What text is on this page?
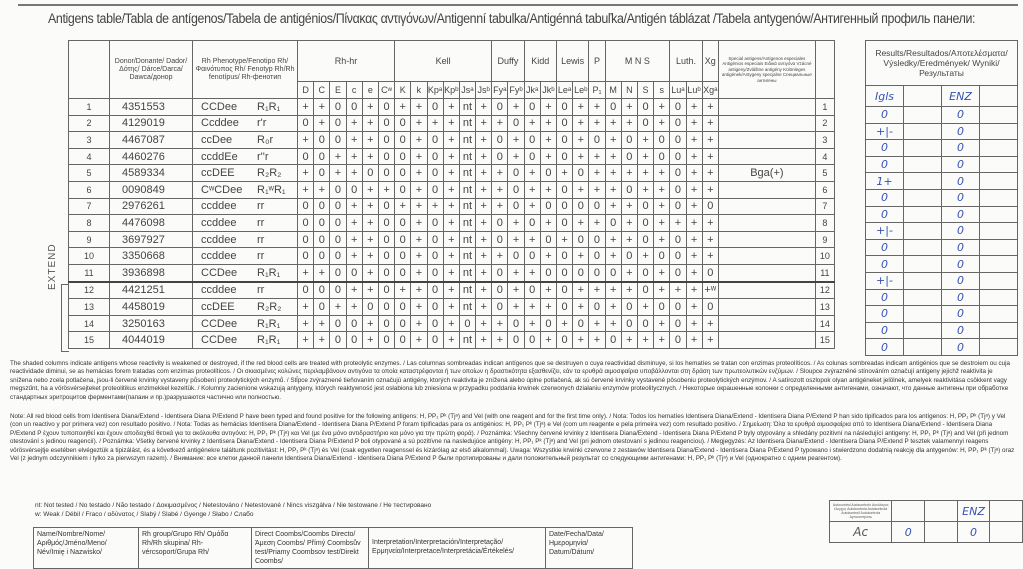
Antigens table/Tabla de antígenos/Tabela de antigénios/Πίνακας αντιγόνων/Antigenní tabulka/Antigénná tabuľka/Antigén táblázat /Tabela antygenów/Антигенный профиль панели:
EXTEND
	Donor/Donante/ Dador/Δότης/ Dárce/Darca/ Dawca/донор	Rh Phenotype/Fenotipo Rh/ Φαινότυπος Rh/ Fenotyp Rh/Rh fenotípus/ Rh-фенотип		Rh-hr						Kell						Duffy		Kidd		Lewis		P	M N S				Luth.		Xg	Special antigens/Antígenos especiales Antigénios especiais Ειδικά αντιγόνα Vzácné antigeny/Zvláštne antigény Különleges antigének/Antygeny specjalne Специальные антигены	
				D	C	E	c	e	Cʷ	K	k	Kpᵃ	Kpᵇ	Jsᵃ	Jsᵇ	Fyᵃ	Fyᵇ	Jkᵃ	Jkᵇ	Leᵃ	Leᵇ	P₁	M	N	S	s	Luᵃ	Luᵇ	Xgᵃ		
1	4351553	CCDee	R₁R₁	+	+	0	0	+	0	+	+	0	+	nt	+	0	+	0	+	0	+	+	0	+	0	+	0	+	+		1
2	4129019	Ccddee	r'r	0	+	0	+	+	0	0	+	+	+	nt	+	+	0	+	+	0	+	+	+	+	0	+	0	+	+		2
3	4467087	ccDee	R₀r	+	0	0	+	+	0	0	+	0	+	nt	+	0	+	0	+	0	+	0	+	0	+	0	0	+	+		3
4	4460276	ccddEe	r''r	0	0	+	+	+	0	0	+	0	+	nt	+	0	+	0	+	0	+	+	+	0	+	0	0	+	+		4
5	4589334	ccDEE	R₂R₂	+	0	+	+	0	0	0	+	0	+	nt	+	+	0	+	0	+	0	+	+	+	+	+	0	+	+	Bga(+)	5
6	0090849	CʷCDee	R₁ʷR₁	+	+	0	0	+	+	0	+	0	+	nt	+	+	0	+	+	0	+	+	+	0	+	+	0	+	+		6
7	2976261	ccddee	rr	0	0	0	+	+	0	+	+	+	+	nt	+	+	0	+	0	0	0	0	+	+	0	+	0	+	0		7
8	4476098	ccddee	rr	0	0	0	+	+	0	0	+	0	+	nt	+	0	+	0	+	0	+	+	0	+	0	+	+	+	+		8
9	3697927	ccddee	rr	0	0	0	+	+	0	0	+	0	+	nt	+	0	+	+	0	+	0	0	+	+	0	+	0	+	+		9
10	3350668	ccddee	rr	0	0	0	+	+	0	0	+	0	+	nt	+	+	0	0	+	0	+	0	+	0	+	0	0	+	+		10
11	3936898	CCDee	R₁R₁	+	+	0	0	+	0	0	+	0	+	nt	+	0	+	+	0	0	0	0	0	+	0	+	0	+	0		11
12	4421251	ccddee	rr	0	0	0	+	+	0	+	+	0	+	nt	+	0	+	0	+	0	+	+	+	+	0	+	+	+	+ʷ		12
13	4458019	ccDEE	R₂R₂	+	0	+	+	0	0	0	+	0	+	nt	+	0	+	+	+	0	+	0	+	0	+	0	0	+	0		13
14	3250163	CCDee	R₁R₁	+	+	0	0	+	0	0	+	0	+	0	+	+	0	+	0	+	0	+	+	0	0	+	0	+	+		14
15	4044019	CCDee	R₁R₁	+	+	0	0	+	0	0	+	0	+	nt	+	+	0	0	+	0	+	+	0	+	+	+	0	+	+		15
Results/Resultados/Αποτελέσματα/ Výsledky/Eredmények/ Wyniki/Результаты			
Igls		ENZ	
0		0	
+|-		0	
0		0	
0		0	
1+		0	
0		0	
0		0	
+|-		0	
0		0	
0		0	
+|-		0	
0		0	
0		0	
0		0	
0		0	
The shaded columns indicate antigens whose reactivity is weakened or destroyed, if the red blood cells are treated with proteolytic enzymes. / Las columnas sombreadas indican antígenos que se destruyen o cuya reactividad disminuye, si los hematíes se tratan con enzimas proteolíticos. / As colunas sombreadas indicam antigénios que se destroiem ou cuja reactividade diminui, se as hemácias forem tratadas com enzimas proteolíticos. / Οι σκιασμένες κολώνες περιλαμβάνουν αντιγόνα τα οποία καταστρέφονται ή των οποίων η δραστικότητα εξασθενίζει, εάν τα ερυθρά αιμοσφαίρια υποβάλλονται στη δράση των πρωτεολυτικών ενζύμων. / Sloupce zvýrazněné stínováním označují antigeny jejichž reaktivita je snížena nebo zcela potlačena, jsou-li červené krvinky vystaveny působení proteolytických enzymů. / Stĺpce zvýraznené tieňovaním označujú antigény, ktorých reaktivita je znížená alebo úplne potlačená, ak sú červené krvinky vystavené pôsobeniu proteolytických enzýmov. / A satírozott oszlopok olyan antigéneket jelölnek, amelyek reaktivitása csökkent vagy megszűnt, ha a vörösvérsejteket proteolitikus enzimekkel kezeltük. / Kolumny zacienione wskazują antygeny, których reaktywność jest osłabiona lub zniesiona w przypadku poddania krwinek czerwonych działaniu enzymów proteolitycznych. / Некоторые окрашенные колонки с определенными антигенами, означают, что данные антигены при обработке стандартных эритроцитов ферментами(папаин и пр.)разрушаются частично или полностью.
Note: All red blood cells from Identisera Diana/Extend - Identisera Diana P/Extend P have been typed and found positive for the following antigens: H, PP₁ Pᵏ (Tjᵃ) and Vel (with one reagent and for the first time only). / Nota: Todos los hematíes Identisera Diana/Extend - Identisera Diana P/Extend P han sido tipificados para los antígenos: H, PP₁ Pᵏ (Tjᵃ) y Vel (con un reactivo y por primera vez) con resultado positivo. / Nota: Todas as hemácias Identisera Diana/Extend - Identisera Diana P/Extend P foram tipificadas para os antigénios: H, PP₁ Pᵏ (Tjᵃ) e Vel (com um reagente e pela primeira vez) com resultado positivo. / Σημείωση: Όλα τα ερυθρά αιμοσφαίρια από το Identisera Diana/Extend - Identisera Diana P/Extend P έχουν τυποποιηθεί και έχουν αποδειχθεί θετικά για τα ακόλουθα αντιγόνα: H, PP₁ Pᵏ (Tjᵃ) και Vel (με ένα μόνο αντιδραστήριο και μόνο για την πρώτη φορά). / Poznámka: Všechny červené krvinky z Identisera Diana/Extend - Identisera Diana P/Extend P byly otypovány a shledány pozitivní na následující antigeny: H, PP₁ Pᵏ (Tjᵃ) and Vel (při jednom otestování s jedinou reagencií). / Poznámka: Všetky červené krvinky z Identisera Diana/Extend - Identisera Diana P/Extend P boli otypované a sú pozitívne na nasledujúce antigény: H, PP₁ Pᵏ (Tjᵃ) and Vel (pri jednom otestovaní s jedinou reagenciou). / Megjegyzés: Az Identisera Diana/Extend - Identisera Diana P/Extend P tesztek valamennyi reagens vörösvérsejtje esetében elvégeztük a tipizálást, és a következő antigénekre találtunk pozitivitást: H, PP₁ Pᵏ (Tjᵃ) és Vel (csak egyetlen reagenssel és kizárólag az első alkalommal). Uwaga: Wszystkie krwinki czerwone z zestawów Identisera Diana/Extend - Identisera Diana P/Extend P typowano i stwierdzono dodatnią reakcję dla antygenów: H, PP₁ Pᵏ (Tjᵃ) oraz Vel (z jednym odczynnikiem i tylko za pierwszym razem). / Внимание: все клетки данной панели Identisera Diana/Extend - Identisera Diana P/Extend P были протипированы и дали положительный результат со следующими антигенами: H, PP₁ Pᵏ (Tjᵃ) и Vel (однократно с одним реагентом).
nt: Not tested / No testado / Não testado / Δοκιμασμένος / Netestováno / Netestované / Nincs viszgálva / Nie testowane / Не тестировано
w: Weak / Débil / Fraco / αδύνατος / Slabý / Slabé / Gyenge / Słabo / Слабо
Name/Nombre/Nome/ Αριθμός/Jméno/Meno/ Név/Imię i Nazwisko/	Rh group/Grupo Rh/ Ομάδα Rh/Rh skupina/ Rh-vércsoport/Grupa Rh/	Direct Coombs/Coombs Directo/Άμεση Coombs/ Přímý Coombsův test/Priamy Coombsov test/Direkt Coombs/	Interpretation/Interpretación/Interpretação/ Ερμηνεία/Interpretace/Interpretácia/Értékelés/	Date/Fecha/Data/ Ημερομηνία/ Datum/Dátum/
Autocontrol Autocontrolo Αυτόλογος έλεγχος Autokontrola Autokontrola Autokontroll Autokontrola Аутоконтроль			ENZ	
Ac	0		0	
